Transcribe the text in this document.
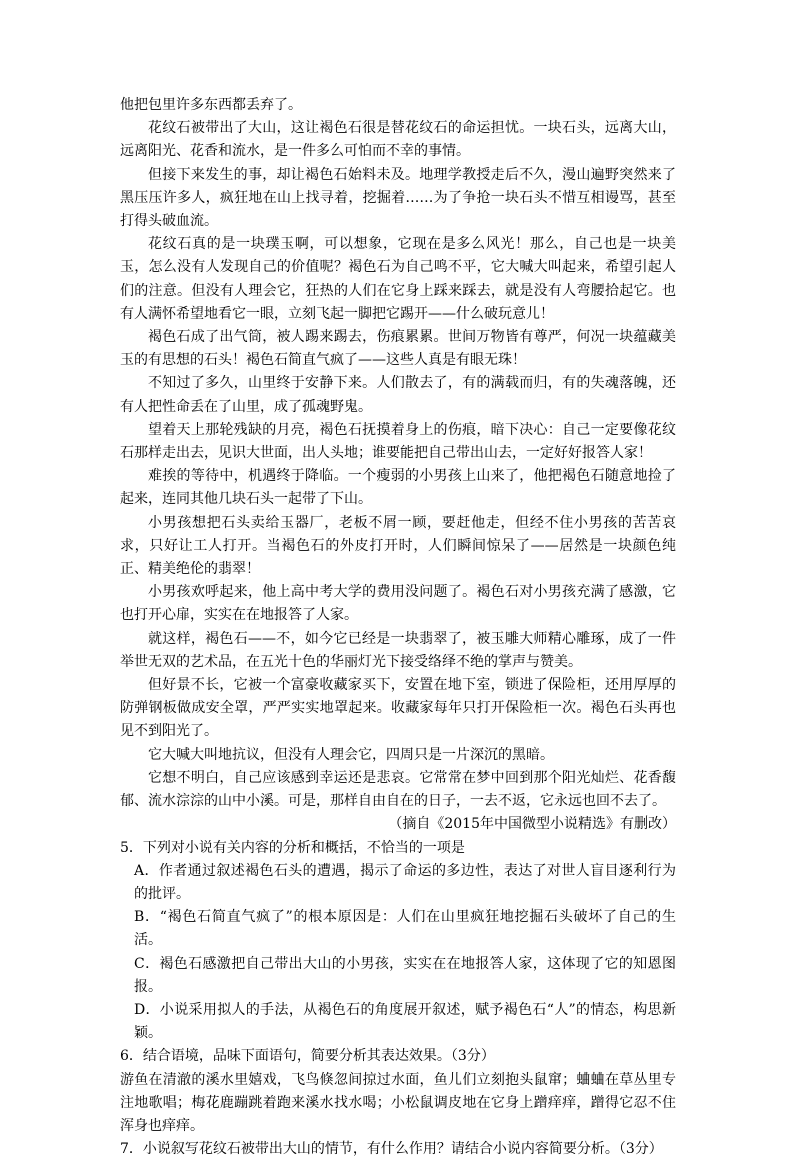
他把包里许多东西都丢弃了。

花纹石被带出了大山，这让褐色石很是替花纹石的命运担忧。一块石头，远离大山，远离阳光、花香和流水，是一件多么可怕而不幸的事情。

但接下来发生的事，却让褐色石始料未及。地理学教授走后不久，漫山遍野突然来了黑压压许多人，疯狂地在山上找寻着，挖掘着……为了争抢一块石头不惜互相谩骂，甚至打得头破血流。

花纹石真的是一块璞玉啊，可以想象，它现在是多么风光！那么，自己也是一块美玉，怎么没有人发现自己的价值呢？褐色石为自己鸣不平，它大喊大叫起来，希望引起人们的注意。但没有人理会它，狂热的人们在它身上踩来踩去，就是没有人弯腰拾起它。也有人满怀希望地看它一眼，立刻飞起一脚把它踢开——什么破玩意儿！

褐色石成了出气筒，被人踢来踢去，伤痕累累。世间万物皆有尊严，何况一块蕴藏美玉的有思想的石头！褐色石简直气疯了——这些人真是有眼无珠！

不知过了多久，山里终于安静下来。人们散去了，有的满载而归，有的失魂落魄，还有人把性命丢在了山里，成了孤魂野鬼。

望着天上那轮残缺的月亮，褐色石抚摸着身上的伤痕，暗下决心：自己一定要像花纹石那样走出去，见识大世面，出人头地；谁要能把自己带出山去，一定好好报答人家！

难挨的等待中，机遇终于降临。一个瘦弱的小男孩上山来了，他把褐色石随意地捡了起来，连同其他几块石头一起带了下山。

小男孩想把石头卖给玉器厂，老板不屑一顾，要赶他走，但经不住小男孩的苦苦哀求，只好让工人打开。当褐色石的外皮打开时，人们瞬间惊呆了——居然是一块颜色纯正、精美绝伦的翡翠！

小男孩欢呼起来，他上高中考大学的费用没问题了。褐色石对小男孩充满了感激，它也打开心扉，实实在在地报答了人家。

就这样，褐色石——不，如今它已经是一块翡翠了，被玉雕大师精心雕琢，成了一件举世无双的艺术品，在五光十色的华丽灯光下接受络绎不绝的掌声与赞美。

但好景不长，它被一个富豪收藏家买下，安置在地下室，锁进了保险柜，还用厚厚的防弹钢板做成安全罩，严严实实地罩起来。收藏家每年只打开保险柜一次。褐色石头再也见不到阳光了。

它大喊大叫地抗议，但没有人理会它，四周只是一片深沉的黑暗。

它想不明白，自己应该感到幸运还是悲哀。它常常在梦中回到那个阳光灿烂、花香馥郁、流水淙淙的山中小溪。可是，那样自由自在的日子，一去不返，它永远也回不去了。

（摘自《2015年中国微型小说精选》有删改）

5．下列对小说有关内容的分析和概括，不恰当的一项是

A．作者通过叙述褐色石头的遭遇，揭示了命运的多边性，表达了对世人盲目逐利行为的批评。

B．“褐色石简直气疯了”的根本原因是：人们在山里疯狂地挖掘石头破坏了自己的生活。

C．褐色石感激把自己带出大山的小男孩，实实在在地报答人家，这体现了它的知恩图报。

D．小说采用拟人的手法，从褐色石的角度展开叙述，赋予褐色石“人”的情态，构思新颖。

6．结合语境，品味下面语句，简要分析其表达效果。（3分）

游鱼在清澈的溪水里嬉戏，飞鸟倏忽间掠过水面，鱼儿们立刻抱头鼠窜；蛐蛐在草丛里专注地歌唱；梅花鹿蹦跳着跑来溪水找水喝；小松鼠调皮地在它身上蹭痒痒，蹭得它忍不住浑身也痒痒。

7．小说叙写花纹石被带出大山的情节，有什么作用？请结合小说内容简要分析。（3分）
